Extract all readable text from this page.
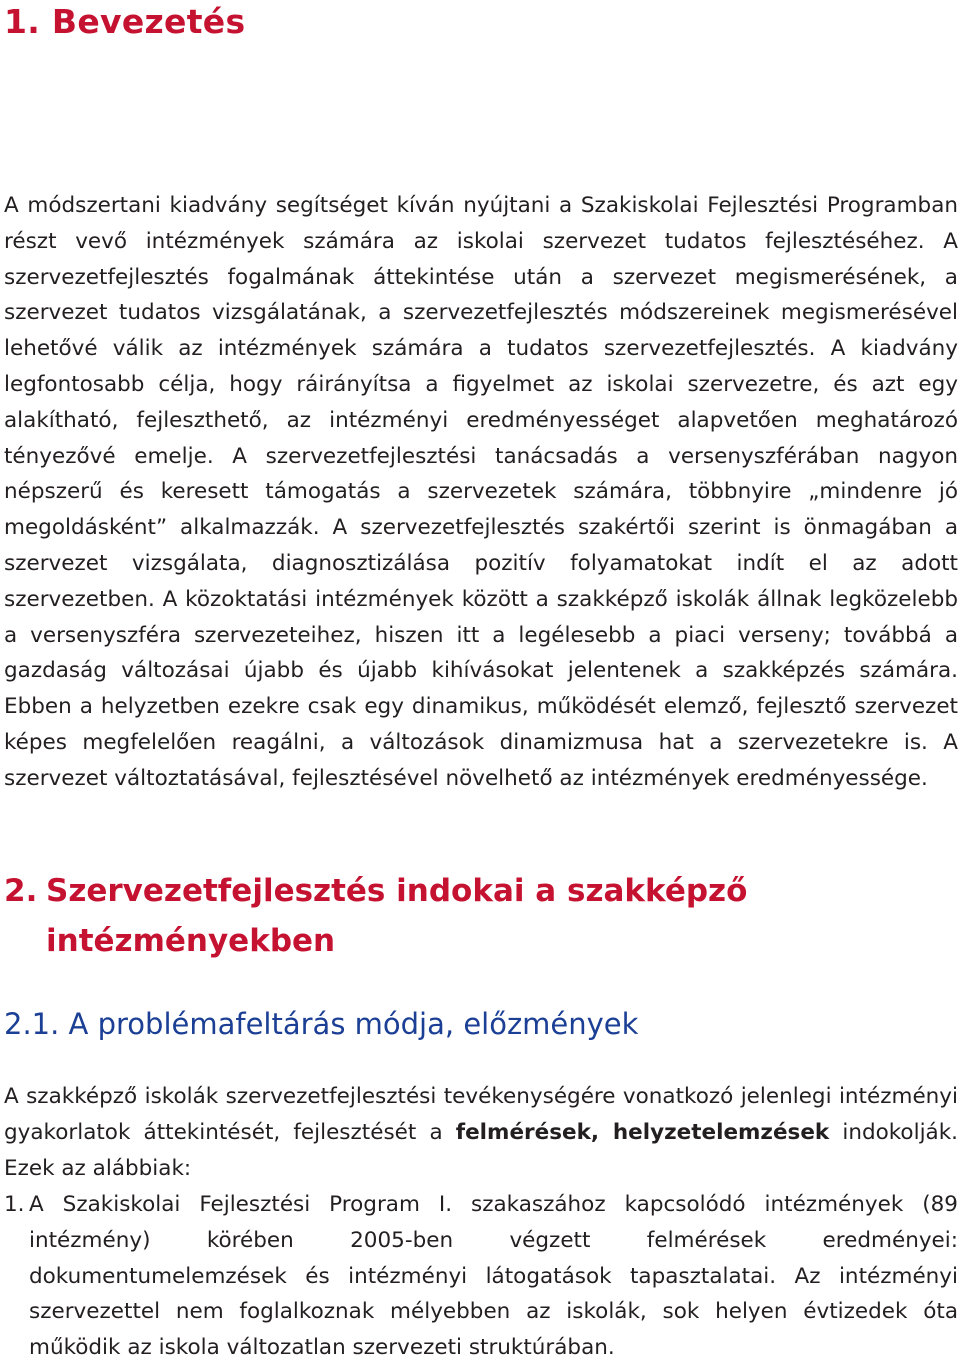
1. Bevezetés

A módszertani kiadvány segítséget kíván nyújtani a Szakiskolai Fejlesztési Programban részt vevő intézmények számára az iskolai szervezet tudatos fejlesztéséhez. A szervezetfejlesztés fogalmának áttekintése után a szervezet megismerésének, a szervezet tudatos vizsgálatának, a szervezetfejlesztés módszereinek megismerésével lehetővé válik az intézmények számára a tudatos szervezetfejlesztés. A kiadvány legfontosabb célja, hogy ráirányítsa a figyelmet az iskolai szervezetre, és azt egy alakítható, fejleszthető, az intézményi eredményességet alapvetően meghatározó tényezővé emelje. A szervezetfejlesztési tanácsadás a versenyszférában nagyon népszerű és keresett támogatás a szervezetek számára, többnyire „mindenre jó megoldásként” alkalmazzák. A szervezetfejlesztés szakértői szerint is önmagában a szervezet vizsgálata, diagnosztizálása pozitív folyamatokat indít el az adott szervezetben. A közoktatási intézmények között a szakképző iskolák állnak legközelebb a versenyszféra szervezeteihez, hiszen itt a legélesebb a piaci verseny; továbbá a gazdaság változásai újabb és újabb kihívásokat jelentenek a szakképzés számára. Ebben a helyzetben ezekre csak egy dinamikus, működését elemző, fejlesztő szervezet képes megfelelően reagálni, a változások dinamizmusa hat a szervezetekre is. A szervezet változtatásával, fejlesztésével növelhető az intézmények eredményessége.

2. Szervezetfejlesztés indokai a szakképző
intézményekben
2.1. A problémafeltárás módja, előzmények

A szakképző iskolák szervezetfejlesztési tevékenységére vonatkozó jelenlegi intézményi gyakorlatok áttekintését, fejlesztését a felmérések, helyzetelemzések indokolják. Ezek az alábbiak:

1. A Szakiskolai Fejlesztési Program I. szakaszához kapcsolódó intézmények (89 intézmény) körében 2005-ben végzett felmérések eredményei: dokumentumelemzések és intézményi látogatások tapasztalatai. Az intézményi szervezettel nem foglalkoznak mélyebben az iskolák, sok helyen évtizedek óta működik az iskola változatlan szervezeti struktúrában.
